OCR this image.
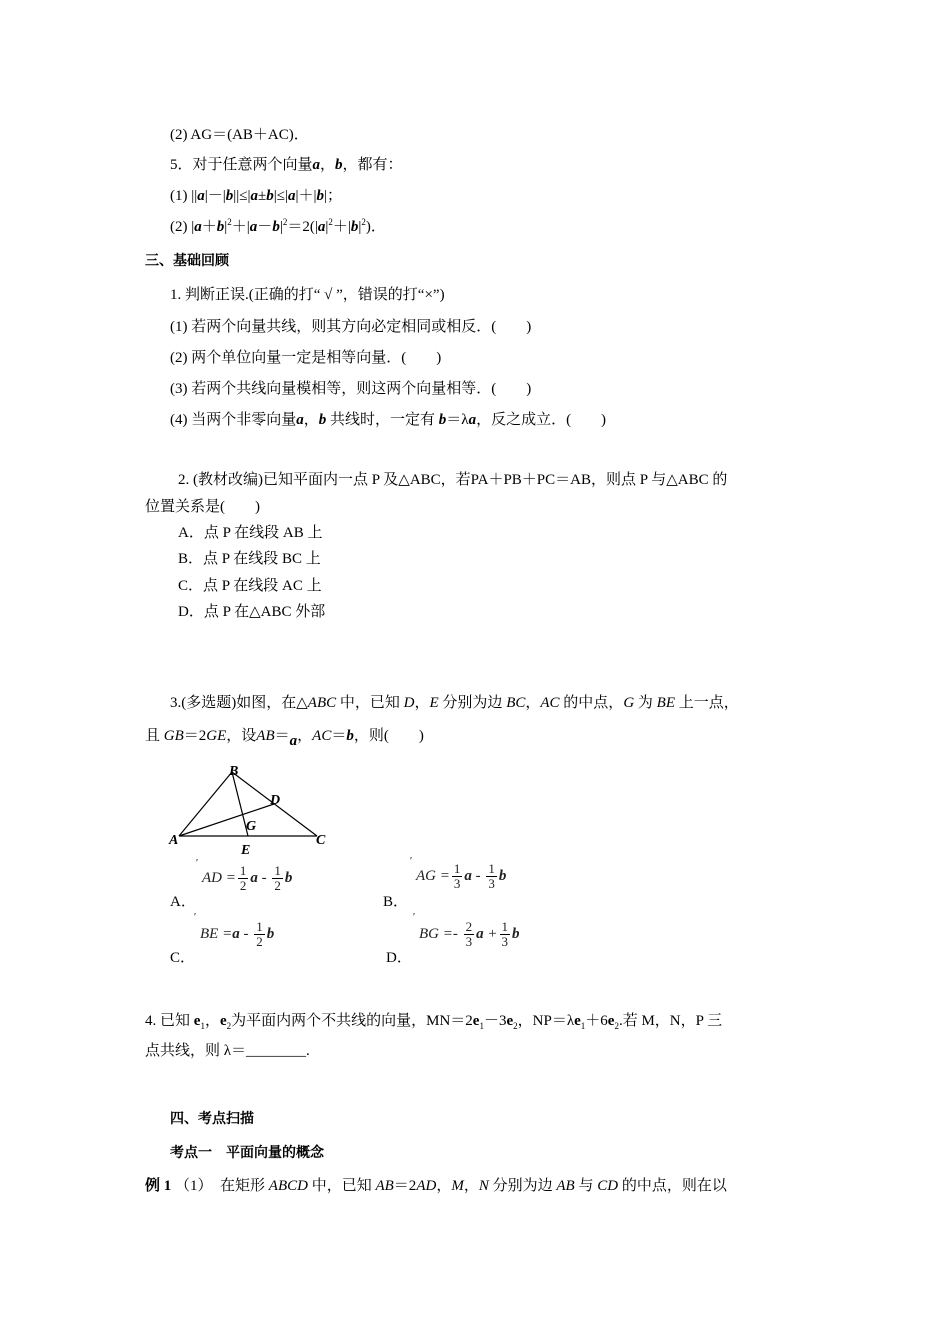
(2) AG＝(AB＋AC)．
5．对于任意两个向量a，b，都有：
(1) ||a|－|b||≤|a±b|≤|a|＋|b|；
(2) $|a+b|^2+|a-b|^2=2(|a|^2+|b|^2)$．
三、基础回顾
1. 判断正误.(正确的打“ √ ”，错误的打“×”)
(1) 若两个向量共线，则其方向必定相同或相反．(　　)
(2) 两个单位向量一定是相等向量．(　　)
(3) 若两个共线向量模相等，则这两个向量相等．(　　)
(4) 当两个非零向量a，b 共线时，一定有 b＝λa，反之成立．(　　)
2. (教材改编)已知平面内一点 P 及△ABC，若PA＋PB＋PC＝AB，则点 P 与△ABC 的
位置关系是(　　)
A．点 P 在线段 AB 上
B．点 P 在线段 BC 上
C．点 P 在线段 AC 上
D．点 P 在△ABC 外部
3.(多选题)如图，在△ABC 中，已知 D，E 分别为边 BC，AC 的中点，G 为 BE 上一点，
且 GB＝2GE，设AB＝a，AC＝b，则(　　)
B
D
G
A
E
C
A．
′
AD = $\frac{1}{2}$ a - $\frac{1}{2}$ b
B．
′
AG = $\frac{1}{3}$ a - $\frac{1}{3}$ b
C．
′
BE $=a - \frac{1}{2}$ b
D．
′
BG =- $\frac{2}{3}$ $a + \frac{1}{3}$ b
4. 已知 $e_1$，$e_2$为平面内两个不共线的向量，$MN=2e_1-3e_2$，$NP=\lambda e_1+6e_2$.若 M，N，P 三
点共线，则 λ＝________.
四、考点扫描
考点一　平面向量的概念
例 1 （1）　在矩形 ABCD 中，已知 AB＝2AD，M，N 分别为边 AB 与 CD 的中点，则在以
